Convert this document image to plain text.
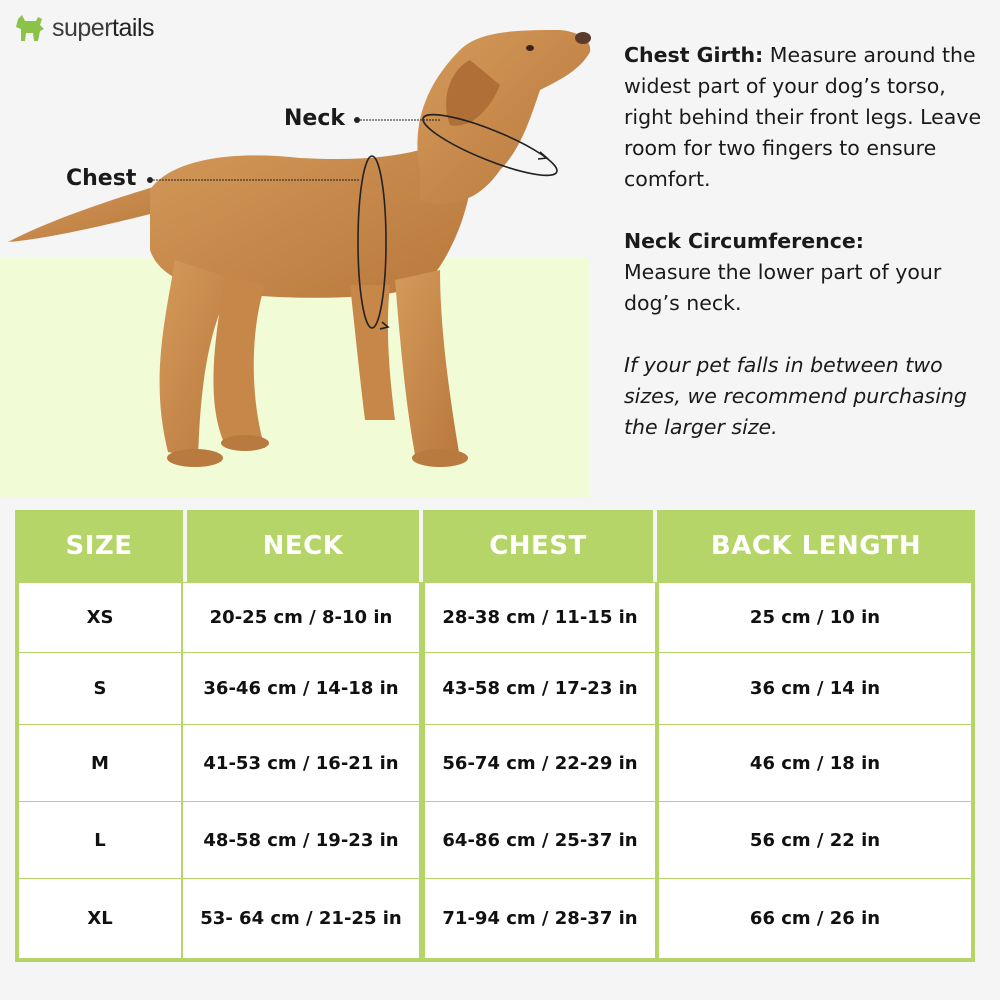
supertails
Neck
Chest

Chest Girth: Measure around the widest part of your dog’s torso, right behind their front legs. Leave room for two fingers to ensure comfort.

Neck Circumference:
Measure the lower part of your dog’s neck.

If your pet falls in between two sizes, we recommend purchasing the larger size.

SIZE	NECK	CHEST	BACK LENGTH
XS	20-25 cm / 8-10 in	28-38 cm / 11-15 in	25 cm / 10 in
S	36-46 cm / 14-18 in	43-58 cm / 17-23 in	36 cm / 14 in
M	41-53 cm / 16-21 in	56-74 cm / 22-29 in	46 cm / 18 in
L	48-58 cm / 19-23 in	64-86 cm / 25-37 in	56 cm / 22 in
XL	53- 64 cm / 21-25 in	71-94 cm / 28-37 in	66 cm / 26 in
